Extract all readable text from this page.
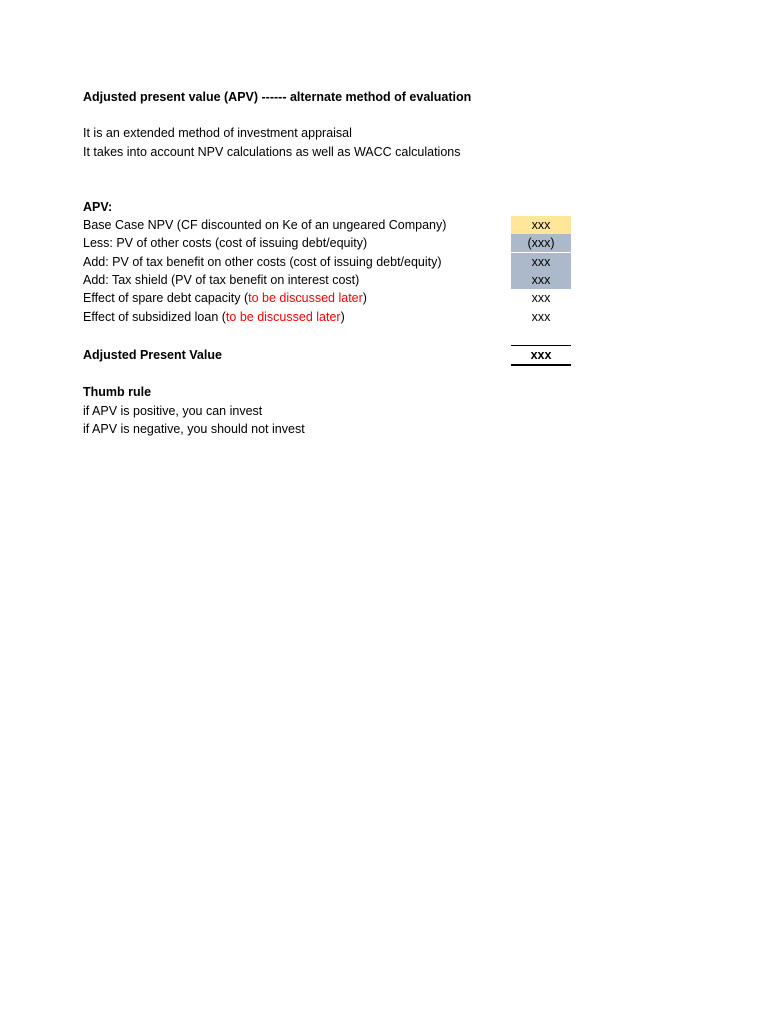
Adjusted present value (APV) ------ alternate method of evaluation
It is an extended method of investment appraisal
It takes into account NPV calculations as well as WACC calculations
APV:
Base Case NPV (CF discounted on Ke of an ungeared Company)	xxx
Less: PV of other costs (cost of issuing debt/equity)	(xxx)
Add: PV of tax benefit on other costs (cost of issuing debt/equity)	xxx
Add: Tax shield (PV of tax benefit on interest cost)	xxx
Effect of spare debt capacity (to be discussed later)	xxx
Effect of subsidized loan (to be discussed later)	xxx
Adjusted Present Value	xxx
Thumb rule
if APV is positive, you can invest
if APV is negative, you should not invest
